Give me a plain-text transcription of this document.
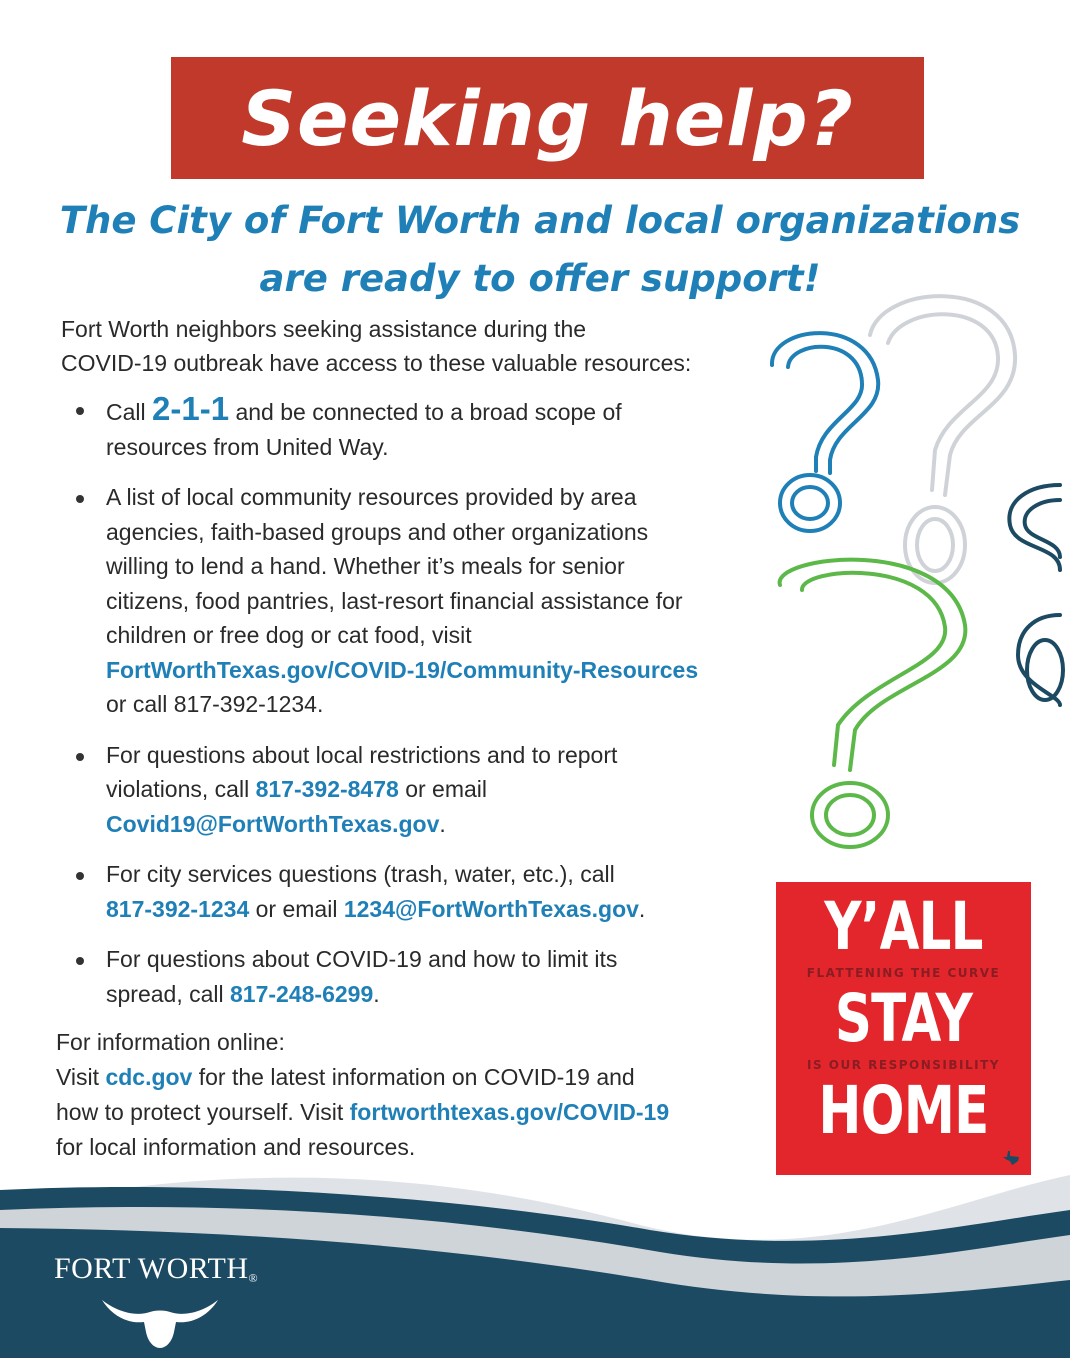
Seeking help?
The City of Fort Worth and local organizations
are ready to offer support!
Fort Worth neighbors seeking assistance during the
COVID-19 outbreak have access to these valuable resources:
Call 2-1-1 and be connected to a broad scope of
resources from United Way.
A list of local community resources provided by area
agencies, faith-based groups and other organizations
willing to lend a hand. Whether it’s meals for senior
citizens, food pantries, last-resort financial assistance for
children or free dog or cat food, visit
FortWorthTexas.gov/COVID-19/Community-Resources
or call 817-392-1234.
For questions about local restrictions and to report
violations, call 817-392-8478 or email
Covid19@FortWorthTexas.gov.
For city services questions (trash, water, etc.), call
817-392-1234 or email 1234@FortWorthTexas.gov.
For questions about COVID-19 and how to limit its
spread, call 817-248-6299.
For information online:
Visit cdc.gov for the latest information on COVID-19 and
how to protect yourself. Visit fortworthtexas.gov/COVID-19
for local information and resources.
Y’ALL
FLATTENING THE CURVE
STAY
IS OUR RESPONSIBILITY
HOME
FORT WORTH®
